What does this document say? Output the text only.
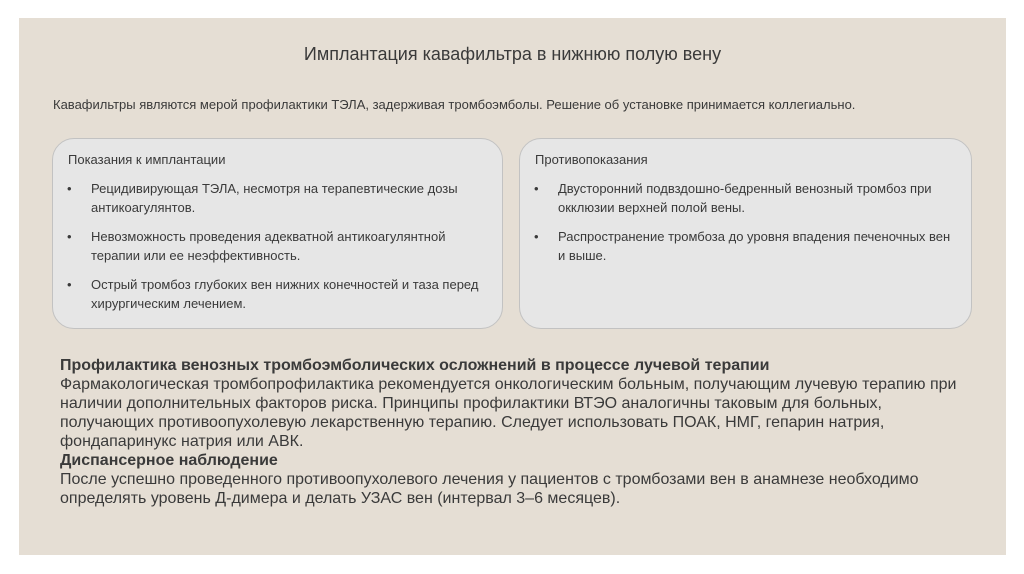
Имплантация кавафильтра в нижнюю полую вену
Кавафильтры являются мерой профилактики ТЭЛА, задерживая тромбоэмболы. Решение об установке принимается коллегиально.
Показания к имплантации
• Рецидивирующая ТЭЛА, несмотря на терапевтические дозы антикоагулянтов.
• Невозможность проведения адекватной антикоагулянтной терапии или ее неэффективность.
• Острый тромбоз глубоких вен нижних конечностей и таза перед хирургическим лечением.
Противопоказания
• Двусторонний подвздошно-бедренный венозный тромбоз при окклюзии верхней полой вены.
• Распространение тромбоза до уровня впадения печеночных вен и выше.

Профилактика венозных тромбоэмболических осложнений в процессе лучевой терапии

Фармакологическая тромбопрофилактика рекомендуется онкологическим больным, получающим лучевую терапию при наличии дополнительных факторов риска. Принципы профилактики ВТЭО аналогичны таковым для больных, получающих противоопухолевую лекарственную терапию. Следует использовать ПОАК, НМГ, гепарин натрия, фондапаринукс натрия или АВК.

Диспансерное наблюдение

После успешно проведенного противоопухолевого лечения у пациентов с тромбозами вен в анамнезе необходимо определять уровень Д-димера и делать УЗАС вен (интервал 3–6 месяцев).
